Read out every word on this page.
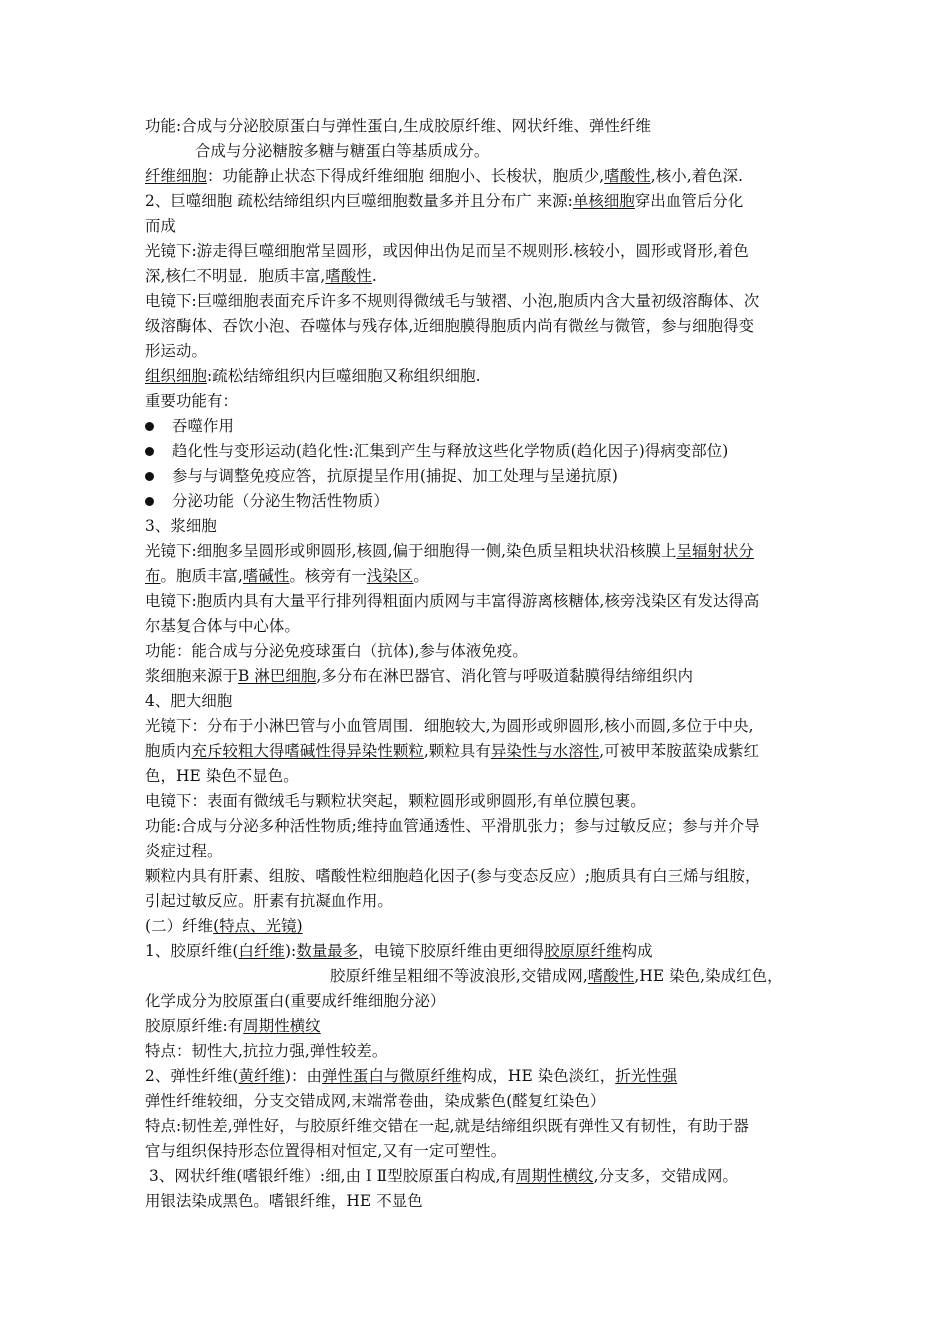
功能:合成与分泌胶原蛋白与弹性蛋白,生成胶原纤维、网状纤维、弹性纤维
合成与分泌糖胺多糖与糖蛋白等基质成分。
纤维细胞：功能静止状态下得成纤维细胞 细胞小、长梭状，胞质少,嗜酸性,核小,着色深.
2、巨噬细胞 疏松结缔组织内巨噬细胞数量多并且分布广 来源:单核细胞穿出血管后分化
而成
光镜下:游走得巨噬细胞常呈圆形，或因伸出伪足而呈不规则形.核较小，圆形或肾形,着色
深,核仁不明显．胞质丰富,嗜酸性.
电镜下:巨噬细胞表面充斥许多不规则得微绒毛与皱褶、小泡,胞质内含大量初级溶酶体、次
级溶酶体、吞饮小泡、吞噬体与残存体,近细胞膜得胞质内尚有微丝与微管，参与细胞得变
形运动。
组织细胞:疏松结缔组织内巨噬细胞又称组织细胞.
重要功能有：
吞噬作用
趋化性与变形运动(趋化性:汇集到产生与释放这些化学物质(趋化因子)得病变部位)
参与与调整免疫应答，抗原提呈作用(捕捉、加工处理与呈递抗原)
分泌功能（分泌生物活性物质）
3、浆细胞
光镜下:细胞多呈圆形或卵圆形,核圆,偏于细胞得一侧,染色质呈粗块状沿核膜上呈辐射状分
布。胞质丰富,嗜碱性。核旁有一浅染区。
电镜下:胞质内具有大量平行排列得粗面内质网与丰富得游离核糖体,核旁浅染区有发达得高
尔基复合体与中心体。
功能：能合成与分泌免疫球蛋白（抗体),参与体液免疫。
浆细胞来源于B 淋巴细胞,多分布在淋巴器官、消化管与呼吸道黏膜得结缔组织内
4、肥大细胞
光镜下：分布于小淋巴管与小血管周围．细胞较大,为圆形或卵圆形,核小而圆,多位于中央,
胞质内充斥较粗大得嗜碱性得异染性颗粒,颗粒具有异染性与水溶性,可被甲苯胺蓝染成紫红
色，HE 染色不显色。
电镜下：表面有微绒毛与颗粒状突起，颗粒圆形或卵圆形,有单位膜包裹。
功能:合成与分泌多种活性物质;维持血管通透性、平滑肌张力；参与过敏反应；参与并介导
炎症过程。
颗粒内具有肝素、组胺、嗜酸性粒细胞趋化因子(参与变态反应）;胞质具有白三烯与组胺，
引起过敏反应。肝素有抗凝血作用。
(二）纤维(特点、光镜)
1、胶原纤维(白纤维):数量最多，电镜下胶原纤维由更细得胶原原纤维构成
胶原纤维呈粗细不等波浪形,交错成网,嗜酸性,HE 染色,染成红色，
化学成分为胶原蛋白(重要成纤维细胞分泌）
胶原原纤维:有周期性横纹
特点：韧性大,抗拉力强,弹性较差。
2、弹性纤维(黄纤维)：由弹性蛋白与微原纤维构成，HE 染色淡红，折光性强
弹性纤维较细，分支交错成网,末端常卷曲，染成紫色(醛复红染色）
特点:韧性差,弹性好，与胶原纤维交错在一起,就是结缔组织既有弹性又有韧性，有助于器
官与组织保持形态位置得相对恒定,又有一定可塑性。
3、网状纤维(嗜银纤维）:细,由ＩⅡ型胶原蛋白构成,有周期性横纹,分支多，交错成网。
用银法染成黑色。嗜银纤维，HE 不显色
